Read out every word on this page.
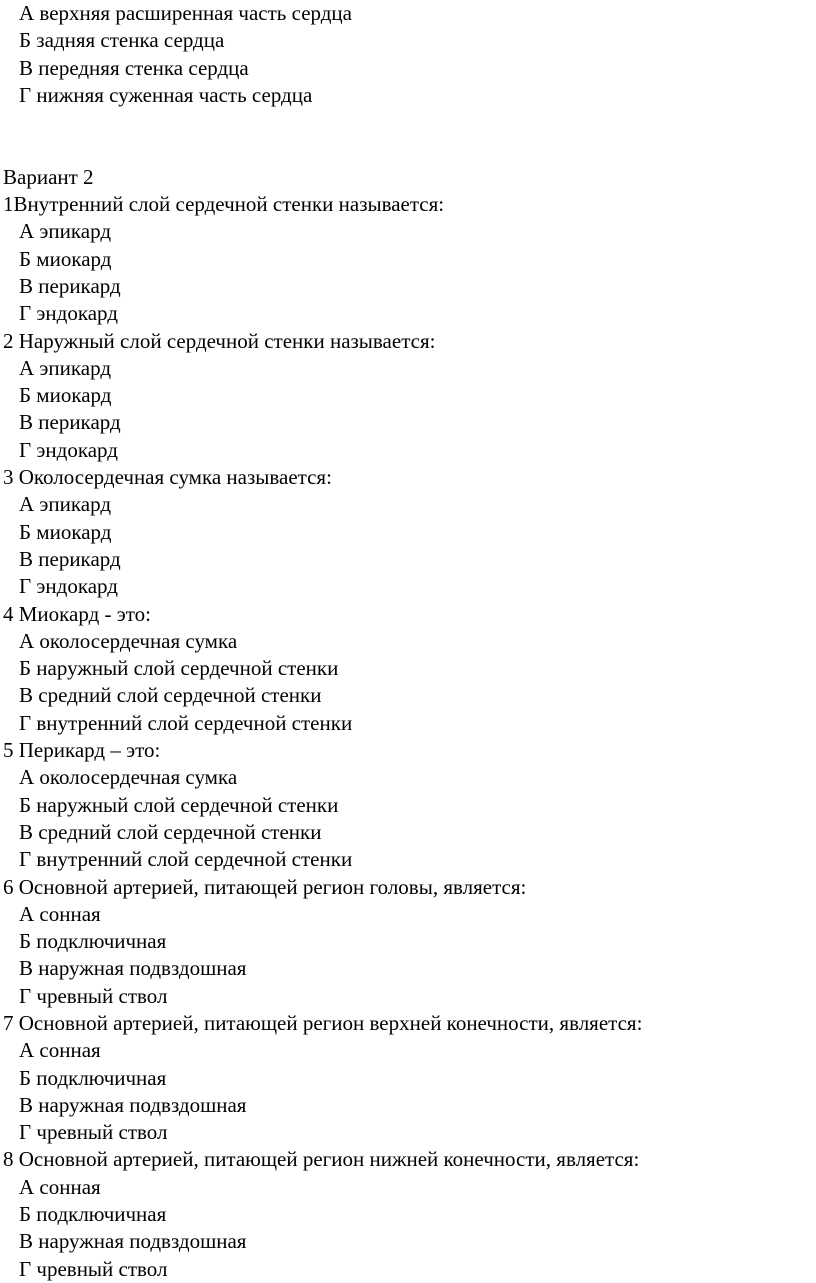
А верхняя расширенная часть сердца
Б задняя стенка сердца
В передняя стенка сердца
Г нижняя суженная часть сердца
Вариант 2
1Внутренний слой сердечной стенки называется:
А эпикард
Б миокард
В перикард
Г эндокард
2 Наружный слой сердечной стенки называется:
А эпикард
Б миокард
В перикард
Г эндокард
3 Околосердечная сумка называется:
А эпикард
Б миокард
В перикард
Г эндокард
4 Миокард - это:
А околосердечная сумка
Б наружный слой сердечной стенки
В средний слой сердечной стенки
Г внутренний слой сердечной стенки
5 Перикард – это:
А околосердечная сумка
Б наружный слой сердечной стенки
В средний слой сердечной стенки
Г внутренний слой сердечной стенки
6 Основной артерией, питающей регион головы, является:
А сонная
Б подключичная
В наружная подвздошная
Г чревный ствол
7 Основной артерией, питающей регион верхней конечности, является:
А сонная
Б подключичная
В наружная подвздошная
Г чревный ствол
8 Основной артерией, питающей регион нижней конечности, является:
А сонная
Б подключичная
В наружная подвздошная
Г чревный ствол
